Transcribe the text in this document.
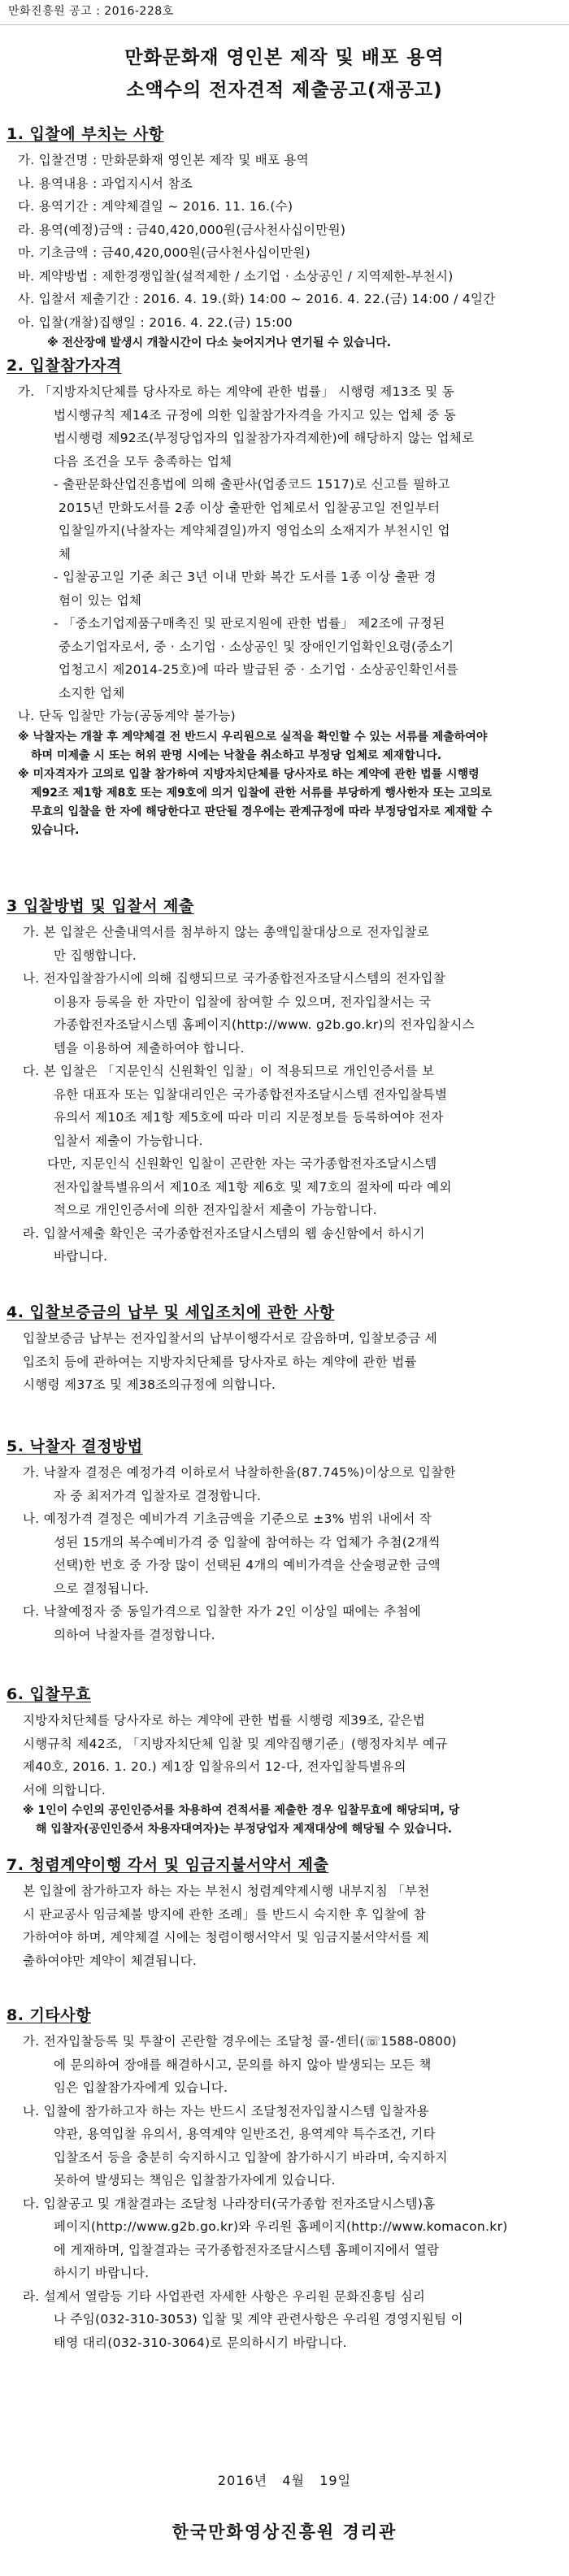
만화진흥원 공고 : 2016-228호
만화문화재 영인본 제작 및 배포 용역
소액수의 전자견적 제출공고(재공고)
1. 입찰에 부치는 사항
가. 입찰건명 : 만화문화재 영인본 제작 및 배포 용역
나. 용역내용 : 과업지시서 참조
다. 용역기간 : 계약체결일 ~ 2016. 11. 16.(수)
라. 용역(예정)금액 : 금40,420,000원(금사천사십이만원)
마. 기초금액 : 금40,420,000원(금사천사십이만원)
바. 계약방법 : 제한경쟁입찰(설적제한 / 소기업 · 소상공인 / 지역제한-부천시)
사. 입찰서 제출기간 : 2016. 4. 19.(화) 14:00 ~ 2016. 4. 22.(금) 14:00 / 4일간
아. 입찰(개찰)집행일 : 2016. 4. 22.(금) 15:00
※ 전산장애 발생시 개찰시간이 다소 늦어지거나 연기될 수 있습니다.
2. 입찰참가자격
가. 「지방자치단체를 당사자로 하는 계약에 관한 법률」 시행령 제13조 및 동
법시행규칙 제14조 규정에 의한 입찰참가자격을 가지고 있는 업체 중 동
법시행령 제92조(부정당업자의 입찰참가자격제한)에 해당하지 않는 업체로
다음 조건을 모두 충족하는 업체
- 출판문화산업진흥법에 의해 출판사(업종코드 1517)로 신고를 필하고
2015년 만화도서를 2종 이상 출판한 업체로서 입찰공고일 전일부터
입찰일까지(낙찰자는 계약체결일)까지 영업소의 소재지가 부천시인 업
체
- 입찰공고일 기준 최근 3년 이내 만화 복간 도서를 1종 이상 출판 경
험이 있는 업체
- 「중소기업제품구매촉진 및 판로지원에 관한 법률」 제2조에 규정된
중소기업자로서, 중 · 소기업 · 소상공인 및 장애인기업확인요령(중소기
업청고시 제2014-25호)에 따라 발급된 중 · 소기업 · 소상공인확인서를
소지한 업체
나. 단독 입찰만 가능(공동계약 불가능)
※ 낙찰자는 개찰 후 계약체결 전 반드시 우리원으로 실적을 확인할 수 있는 서류를 제출하여야
하며 미제출 시 또는 허위 판명 시에는 낙찰을 취소하고 부정당 업체로 제재합니다.
※ 미자격자가 고의로 입찰 참가하여 지방자치단체를 당사자로 하는 계약에 관한 법률 시행령
제92조 제1항 제8호 또는 제9호에 의거 입찰에 관한 서류를 부당하게 행사한자 또는 고의로
무효의 입찰을 한 자에 해당한다고 판단될 경우에는 관계규정에 따라 부정당업자로 제재할 수
있습니다.
3 입찰방법 및 입찰서 제출
가. 본 입찰은 산출내역서를 첨부하지 않는 총액입찰대상으로 전자입찰로
만 집행합니다.
나. 전자입찰참가시에 의해 집행되므로 국가종합전자조달시스템의 전자입찰
이용자 등록을 한 자만이 입찰에 참여할 수 있으며, 전자입찰서는 국
가종합전자조달시스템 홈페이지(http://www. g2b.go.kr)의 전자입찰시스
템을 이용하여 제출하여야 합니다.
다. 본 입찰은 「지문인식 신원확인 입찰」이 적용되므로 개인인증서를 보
유한 대표자 또는 입찰대리인은 국가종합전자조달시스템 전자입찰특별
유의서 제10조 제1항 제5호에 따라 미리 지문정보를 등록하여야 전자
입찰서 제출이 가능합니다.
다만, 지문인식 신원확인 입찰이 곤란한 자는 국가종합전자조달시스템
전자입찰특별유의서 제10조 제1항 제6호 및 제7호의 절차에 따라 예외
적으로 개인인증서에 의한 전자입찰서 제출이 가능합니다.
라. 입찰서제출 확인은 국가종합전자조달시스템의 웹 송신함에서 하시기
바랍니다.
4. 입찰보증금의 납부 및 세입조치에 관한 사항
입찰보증금 납부는 전자입찰서의 납부이행각서로 갈음하며, 입찰보증금 세
입조치 등에 관하여는 지방자치단체를 당사자로 하는 계약에 관한 법률
시행령 제37조 및 제38조의규정에 의합니다.
5. 낙찰자 결정방법
가. 낙찰자 결정은 예정가격 이하로서 낙찰하한율(87.745%)이상으로 입찰한
자 중 최저가격 입찰자로 결정합니다.
나. 예정가격 결정은 예비가격 기초금액을 기준으로 ±3% 범위 내에서 작
성된 15개의 복수예비가격 중 입찰에 참여하는 각 업체가 추첨(2개씩
선택)한 번호 중 가장 많이 선택된 4개의 예비가격을 산술평균한 금액
으로 결정됩니다.
다. 낙찰예정자 중 동일가격으로 입찰한 자가 2인 이상일 때에는 추첨에
의하여 낙찰자를 결정합니다.
6. 입찰무효
지방자치단체를 당사자로 하는 계약에 관한 법률 시행령 제39조, 같은법
시행규칙 제42조, 「지방자치단체 입찰 및 계약집행기준」(행정자치부 예규
제40호, 2016. 1. 20.) 제1장 입찰유의서 12-다, 전자입찰특별유의
서에 의합니다.
※ 1인이 수인의 공인인증서를 차용하여 견적서를 제출한 경우 입찰무효에 해당되며, 당
해 입찰자(공인인증서 차용자대여자)는 부정당업자 제재대상에 해당될 수 있습니다.
7. 청렴계약이행 각서 및 임금지불서약서 제출
본 입찰에 참가하고자 하는 자는 부천시 청렴계약제시행 내부지침 「부천
시 판교공사 임금체불 방지에 관한 조례」를 반드시 숙지한 후 입찰에 참
가하여야 하며, 계약체결 시에는 청렴이행서약서 및 임금지불서약서를 제
출하여야만 계약이 체결됩니다.
8. 기타사항
가. 전자입찰등록 및 투찰이 곤란할 경우에는 조달청 콜-센터(☏1588-0800)
에 문의하여 장애를 해결하시고, 문의를 하지 않아 발생되는 모든 책
임은 입찰참가자에게 있습니다.
나. 입찰에 참가하고자 하는 자는 반드시 조달청전자입찰시스템 입찰자용
약관, 용역입찰 유의서, 용역계약 일반조건, 용역계약 특수조건, 기타
입찰조서 등을 충분히 숙지하시고 입찰에 참가하시기 바라며, 숙지하지
못하여 발생되는 책임은 입찰참가자에게 있습니다.
다. 입찰공고 및 개찰결과는 조달청 나라장터(국가종합 전자조달시스템)홈
페이지(http://www.g2b.go.kr)와 우리원 홈페이지(http://www.komacon.kr)
에 게재하며, 입찰결과는 국가종합전자조달시스템 홈페이지에서 열람
하시기 바랍니다.
라. 설계서 열람등 기타 사업관련 자세한 사항은 우리원 문화진흥팀 심리
나 주임(032-310-3053) 입찰 및 계약 관련사항은 우리원 경영지원팀 이
태영 대리(032-310-3064)로 문의하시기 바랍니다.
2016년   4월   19일
한국만화영상진흥원 경리관
